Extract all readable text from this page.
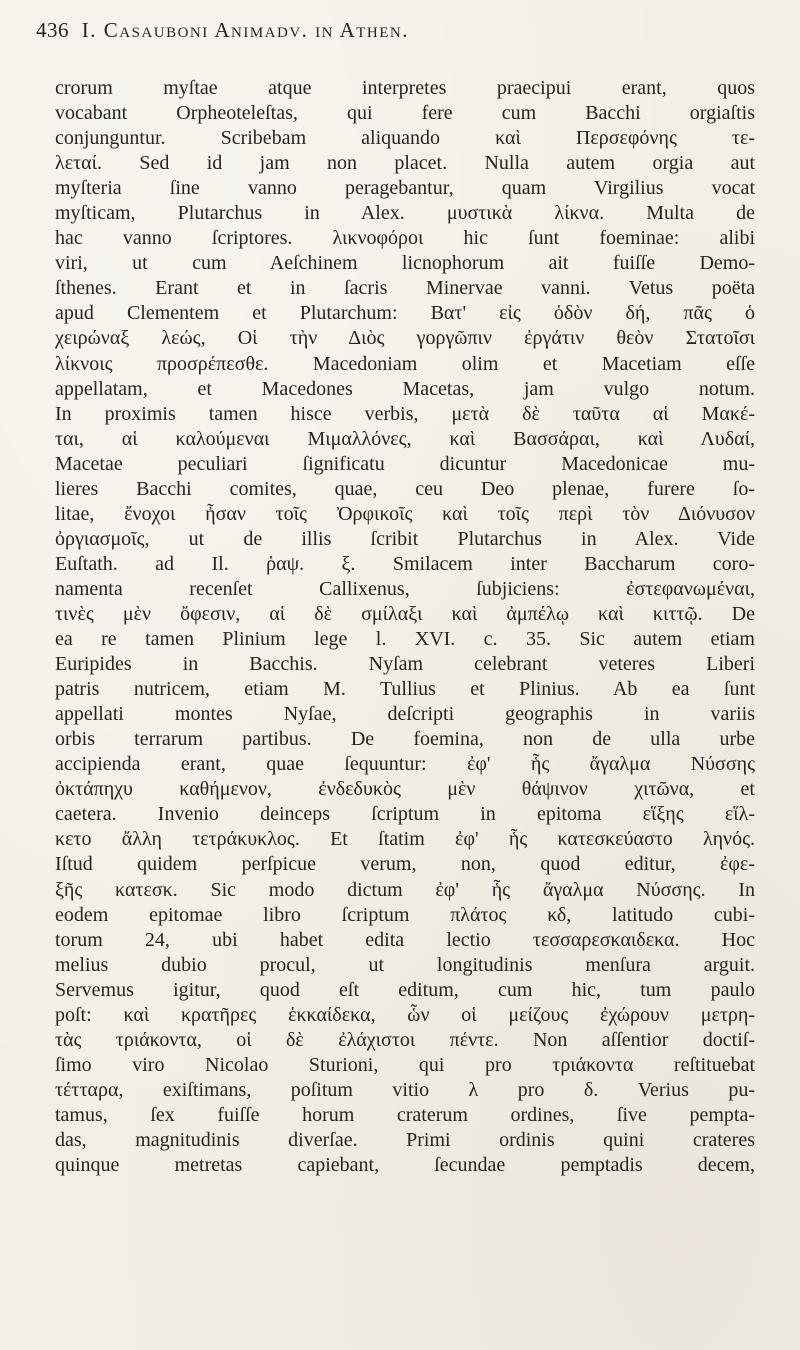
436 I. Casauboni Animadv. in Athen.
crorum myſtae atque interpretes praecipui erant, quos
vocabant Orpheoteleſtas, qui fere cum Bacchi orgiaſtis
conjunguntur. Scribebam aliquando καὶ Περσεφόνης τε-
λεταί. Sed id jam non placet. Nulla autem orgia aut
myſteria ſine vanno peragebantur, quam Virgilius vocat
myſticam, Plutarchus in Alex. μυστικὰ λίκνα. Multa de
hac vanno ſcriptores. λικνοφόροι hic ſunt foeminae: alibi
viri, ut cum Aeſchinem licnophorum ait fuiſſe Demo-
ſthenes. Erant et in ſacris Minervae vanni. Vetus poëta
apud Clementem et Plutarchum: Βατ' εἰς ὁδὸν δή, πᾶς ὁ
χειρώναξ λεώς, Οἱ τὴν Διὸς γοργῶπιν ἐργάτιν θεὸν Στατοῖσι
λίκνοις προσρέπεσθε. Macedoniam olim et Macetiam eſſe
appellatam, et Macedones Macetas, jam vulgo notum.
In proximis tamen hisce verbis, μετὰ δὲ ταῦτα αἱ Μακέ-
ται, αἱ καλούμεναι Μιμαλλόνες, καὶ Βασσάραι, καὶ Λυδαί,
Macetae peculiari ſignificatu dicuntur Macedonicae mu-
lieres Bacchi comites, quae, ceu Deo plenae, furere ſo-
litae, ἔνοχοι ἦσαν τοῖς Ὀρφικοῖς καὶ τοῖς περὶ τὸν Διόνυσον
ὀργιασμοῖς, ut de illis ſcribit Plutarchus in Alex. Vide
Euſtath. ad Il. ῥαψ. ξ. Smilacem inter Baccharum coro-
namenta recenſet Callixenus, ſubjiciens: ἐστεφανωμέναι,
τινὲς μὲν ὄφεσιν, αἱ δὲ σμίλαξι καὶ ἀμπέλῳ καὶ κιττῷ. De
ea re tamen Plinium lege l. XVI. c. 35. Sic autem etiam
Euripides in Bacchis. Nyſam celebrant veteres Liberi
patris nutricem, etiam M. Tullius et Plinius. Ab ea ſunt
appellati montes Nyſae, deſcripti geographis in variis
orbis terrarum partibus. De foemina, non de ulla urbe
accipienda erant, quae ſequuntur: ἐφ' ἧς ἄγαλμα Νύσσης
ὀκτάπηχυ καθήμενον, ἐνδεδυκὸς μὲν θάψινον χιτῶνα, et
caetera. Invenio deinceps ſcriptum in epitoma εἵξης εἵλ-
κετο ἄλλη τετράκυκλος. Et ſtatim ἐφ' ἧς κατεσκεύαστο ληνός.
Iſtud quidem perſpicue verum, non, quod editur, ἐφε-
ξῆς κατεσκ. Sic modo dictum ἐφ' ἧς ἄγαλμα Νύσσης. In
eodem epitomae libro ſcriptum πλάτος κδ, latitudo cubi-
torum 24, ubi habet edita lectio τεσσαρεσκαιδεκα. Hoc
melius dubio procul, ut longitudinis menſura arguit.
Servemus igitur, quod eſt editum, cum hic, tum paulo
poſt: καὶ κρατῆρες ἑκκαίδεκα, ὧν οἱ μείζους ἐχώρουν μετρη-
τὰς τριάκοντα, οἱ δὲ ἐλάχιστοι πέντε. Non aſſentior doctiſ-
ſimo viro Nicolao Sturioni, qui pro τριάκοντα reſtituebat
τέτταρα, exiſtimans, poſitum vitio λ pro δ. Verius pu-
tamus, ſex fuiſſe horum craterum ordines, ſive pempta-
das, magnitudinis diverſae. Primi ordinis quini crateres
quinque metretas capiebant, ſecundae pemptadis decem,
